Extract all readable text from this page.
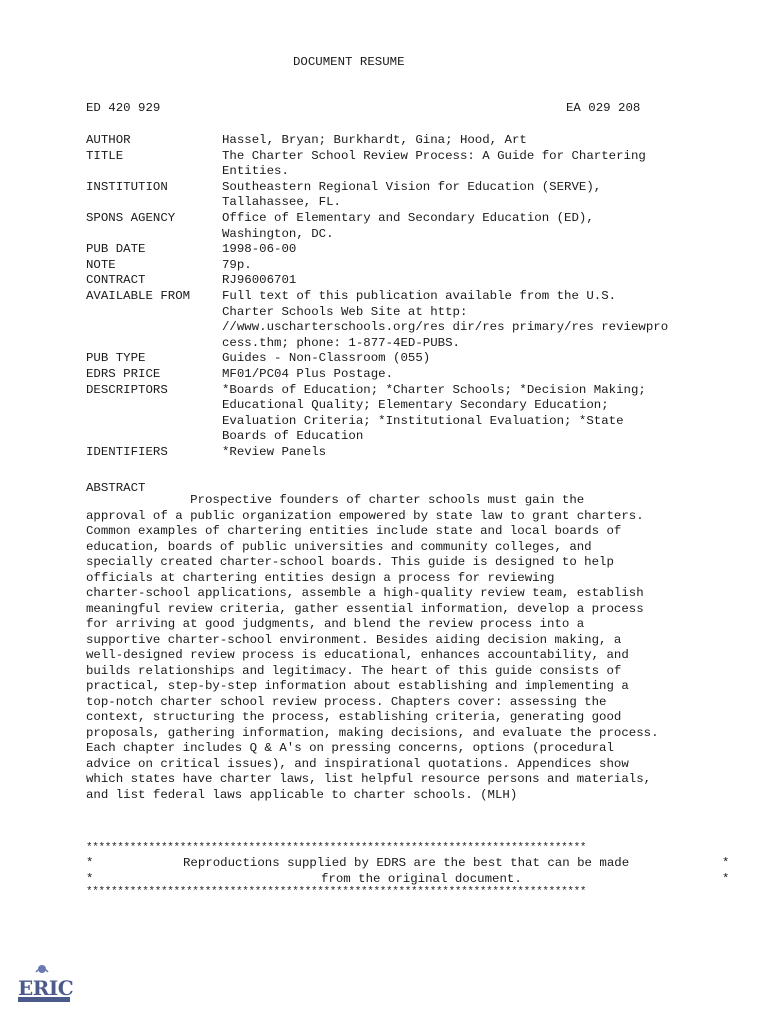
DOCUMENT RESUME
ED 420 929	EA 029 208
AUTHOR	Hassel, Bryan; Burkhardt, Gina; Hood, Art
TITLE	The Charter School Review Process: A Guide for Chartering
Entities.
INSTITUTION	Southeastern Regional Vision for Education (SERVE),
Tallahassee, FL.
SPONS AGENCY	Office of Elementary and Secondary Education (ED),
Washington, DC.
PUB DATE	1998-06-00
NOTE	79p.
CONTRACT	RJ96006701
AVAILABLE FROM	Full text of this publication available from the U.S.
Charter Schools Web Site at http:
//www.uscharterschools.org/res dir/res primary/res reviewpro
cess.thm; phone: 1-877-4ED-PUBS.
PUB TYPE	Guides - Non-Classroom (055)
EDRS PRICE	MF01/PC04 Plus Postage.
DESCRIPTORS	*Boards of Education; *Charter Schools; *Decision Making;
Educational Quality; Elementary Secondary Education;
Evaluation Criteria; *Institutional Evaluation; *State
Boards of Education
IDENTIFIERS	*Review Panels
ABSTRACT
Prospective founders of charter schools must gain the
approval of a public organization empowered by state law to grant charters.
Common examples of chartering entities include state and local boards of
education, boards of public universities and community colleges, and
specially created charter-school boards. This guide is designed to help
officials at chartering entities design a process for reviewing
charter-school applications, assemble a high-quality review team, establish
meaningful review criteria, gather essential information, develop a process
for arriving at good judgments, and blend the review process into a
supportive charter-school environment. Besides aiding decision making, a
well-designed review process is educational, enhances accountability, and
builds relationships and legitimacy. The heart of this guide consists of
practical, step-by-step information about establishing and implementing a
top-notch charter school review process. Chapters cover: assessing the
context, structuring the process, establishing criteria, generating good
proposals, gathering information, making decisions, and evaluate the process.
Each chapter includes Q & A's on pressing concerns, options (procedural
advice on critical issues), and inspirational quotations. Appendices show
which states have charter laws, list helpful resource persons and materials,
and list federal laws applicable to charter schools. (MLH)
********************************************************************************
*	Reproductions supplied by EDRS are the best that can be made	*
*	from the original document.	*
********************************************************************************
ERIC
